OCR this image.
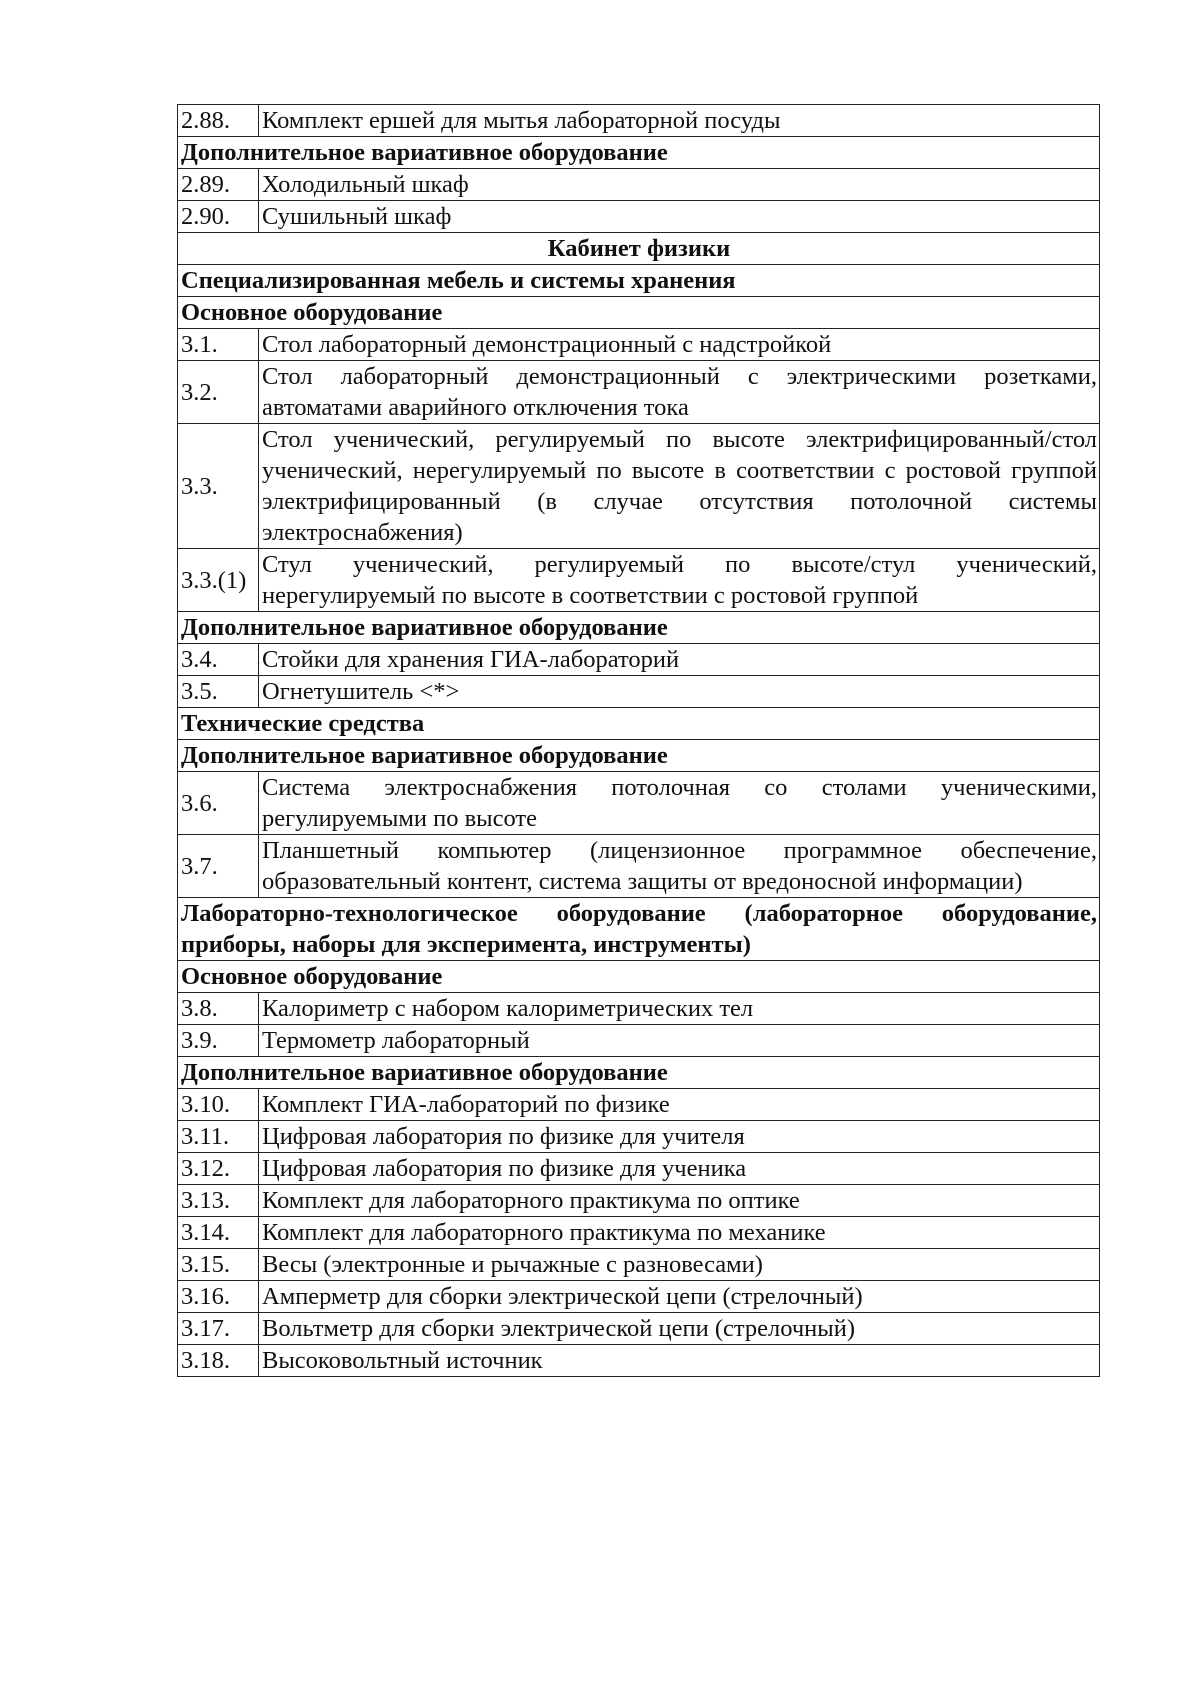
2.88.	Комплект ершей для мытья лабораторной посуды
Дополнительное вариативное оборудование	
2.89.	Холодильный шкаф
2.90.	Сушильный шкаф
Кабинет физики	
Специализированная мебель и системы хранения	
Основное оборудование	
3.1.	Стол лабораторный демонстрационный с надстройкой
3.2.	Стол лабораторный демонстрационный с электрическими розетками, автоматами аварийного отключения тока
3.3.	Стол ученический, регулируемый по высоте электрифицированный/стол ученический, нерегулируемый по высоте в соответствии с ростовой группой электрифицированный (в случае отсутствия потолочной системы электроснабжения)
3.3.(1)	Стул ученический, регулируемый по высоте/стул ученический, нерегулируемый по высоте в соответствии с ростовой группой
Дополнительное вариативное оборудование	
3.4.	Стойки для хранения ГИА-лабораторий
3.5.	Огнетушитель <*>
Технические средства	
Дополнительное вариативное оборудование	
3.6.	Система электроснабжения потолочная со столами ученическими, регулируемыми по высоте
3.7.	Планшетный компьютер (лицензионное программное обеспечение, образовательный контент, система защиты от вредоносной информации)
Лабораторно-технологическое оборудование (лабораторное оборудование, приборы, наборы для эксперимента, инструменты)	
Основное оборудование	
3.8.	Калориметр с набором калориметрических тел
3.9.	Термометр лабораторный
Дополнительное вариативное оборудование	
3.10.	Комплект ГИА-лабораторий по физике
3.11.	Цифровая лаборатория по физике для учителя
3.12.	Цифровая лаборатория по физике для ученика
3.13.	Комплект для лабораторного практикума по оптике
3.14.	Комплект для лабораторного практикума по механике
3.15.	Весы (электронные и рычажные с разновесами)
3.16.	Амперметр для сборки электрической цепи (стрелочный)
3.17.	Вольтметр для сборки электрической цепи (стрелочный)
3.18.	Высоковольтный источник
